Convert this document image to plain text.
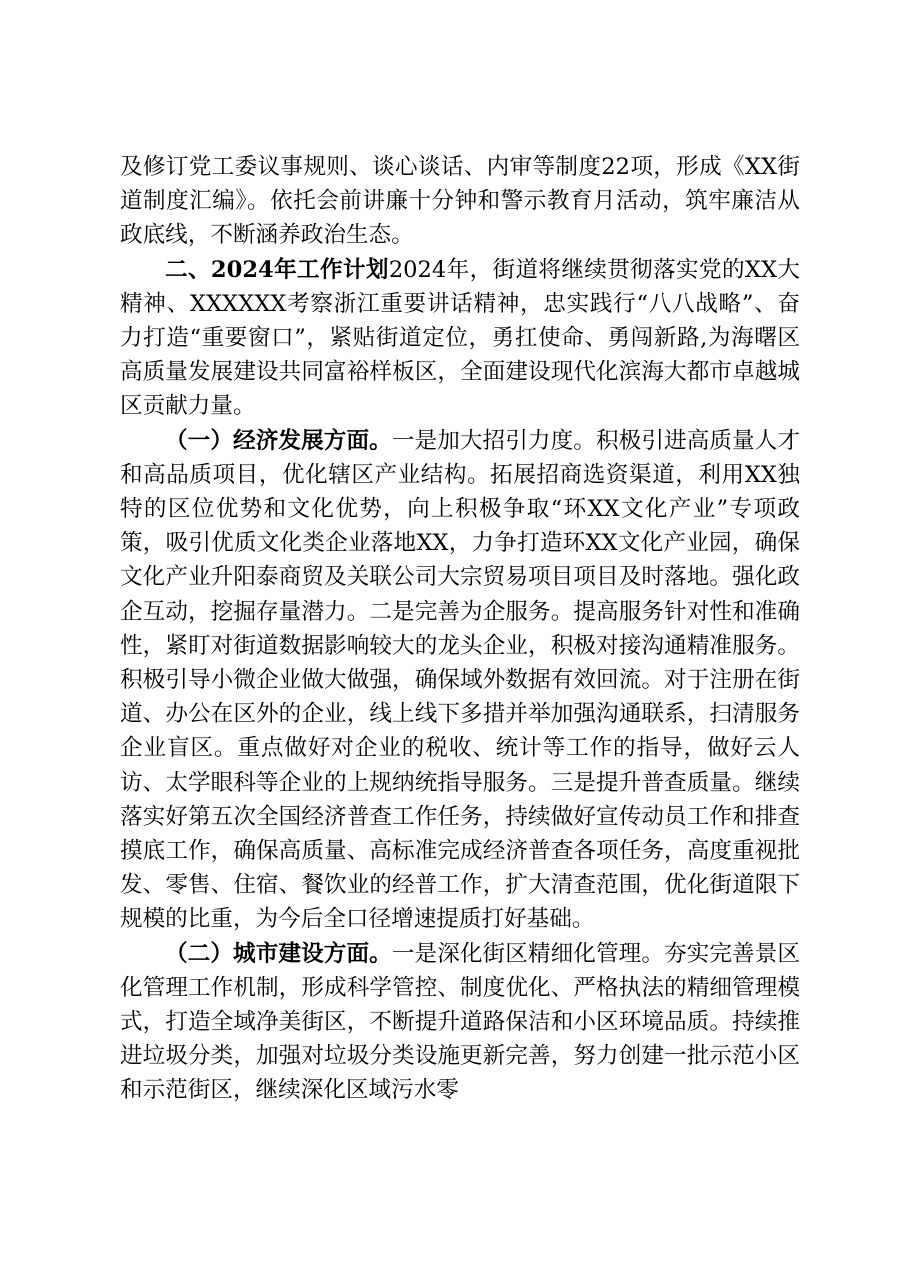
及修订党工委议事规则、谈心谈话、内审等制度22项，形成《XX街道制度汇编》。依托会前讲廉十分钟和警示教育月活动，筑牢廉洁从政底线，不断涵养政治生态。

二、2024年工作计划2024年，街道将继续贯彻落实党的XX大精神、XXXXXX考察浙江重要讲话精神，忠实践行“八八战略”、奋力打造“重要窗口”，紧贴街道定位，勇扛使命、勇闯新路,为海曙区高质量发展建设共同富裕样板区，全面建设现代化滨海大都市卓越城区贡献力量。

（一）经济发展方面。一是加大招引力度。积极引进高质量人才和高品质项目，优化辖区产业结构。拓展招商选资渠道，利用XX独特的区位优势和文化优势，向上积极争取“环XX文化产业”专项政策，吸引优质文化类企业落地XX，力争打造环XX文化产业园，确保文化产业升阳泰商贸及关联公司大宗贸易项目项目及时落地。强化政企互动，挖掘存量潜力。二是完善为企服务。提高服务针对性和准确性，紧盯对街道数据影响较大的龙头企业，积极对接沟通精准服务。积极引导小微企业做大做强，确保域外数据有效回流。对于注册在街道、办公在区外的企业，线上线下多措并举加强沟通联系，扫清服务企业盲区。重点做好对企业的税收、统计等工作的指导，做好云人访、太学眼科等企业的上规纳统指导服务。三是提升普查质量。继续落实好第五次全国经济普查工作任务，持续做好宣传动员工作和排查摸底工作，确保高质量、高标准完成经济普查各项任务，高度重视批发、零售、住宿、餐饮业的经普工作，扩大清查范围，优化街道限下规模的比重，为今后全口径增速提质打好基础。

（二）城市建设方面。一是深化街区精细化管理。夯实完善景区化管理工作机制，形成科学管控、制度优化、严格执法的精细管理模式，打造全域净美街区，不断提升道路保洁和小区环境品质。持续推进垃圾分类，加强对垃圾分类设施更新完善，努力创建一批示范小区和示范街区，继续深化区域污水零
